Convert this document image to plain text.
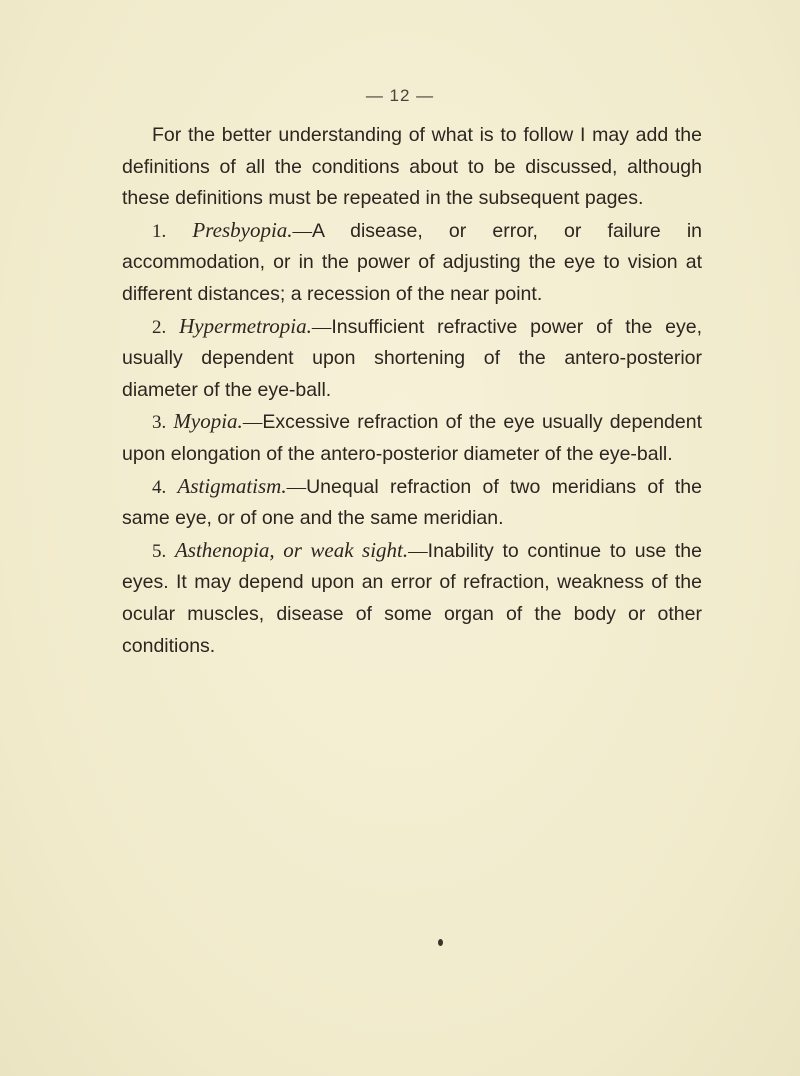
— 12 —

For the better understanding of what is to follow I may add the definitions of all the conditions about to be discussed, although these definitions must be repeated in the subsequent pages.

1. Presbyopia.—A disease, or error, or failure in accommodation, or in the power of adjusting the eye to vision at different distances; a recession of the near point.

2. Hypermetropia.—Insufficient refractive power of the eye, usually dependent upon shortening of the antero-posterior diameter of the eye-ball.

3. Myopia.—Excessive refraction of the eye usually dependent upon elongation of the antero-posterior diameter of the eye-ball.

4. Astigmatism.—Unequal refraction of two meridians of the same eye, or of one and the same meridian.

5. Asthenopia, or weak sight.—Inability to continue to use the eyes. It may depend upon an error of refraction, weakness of the ocular muscles, disease of some organ of the body or other conditions.
